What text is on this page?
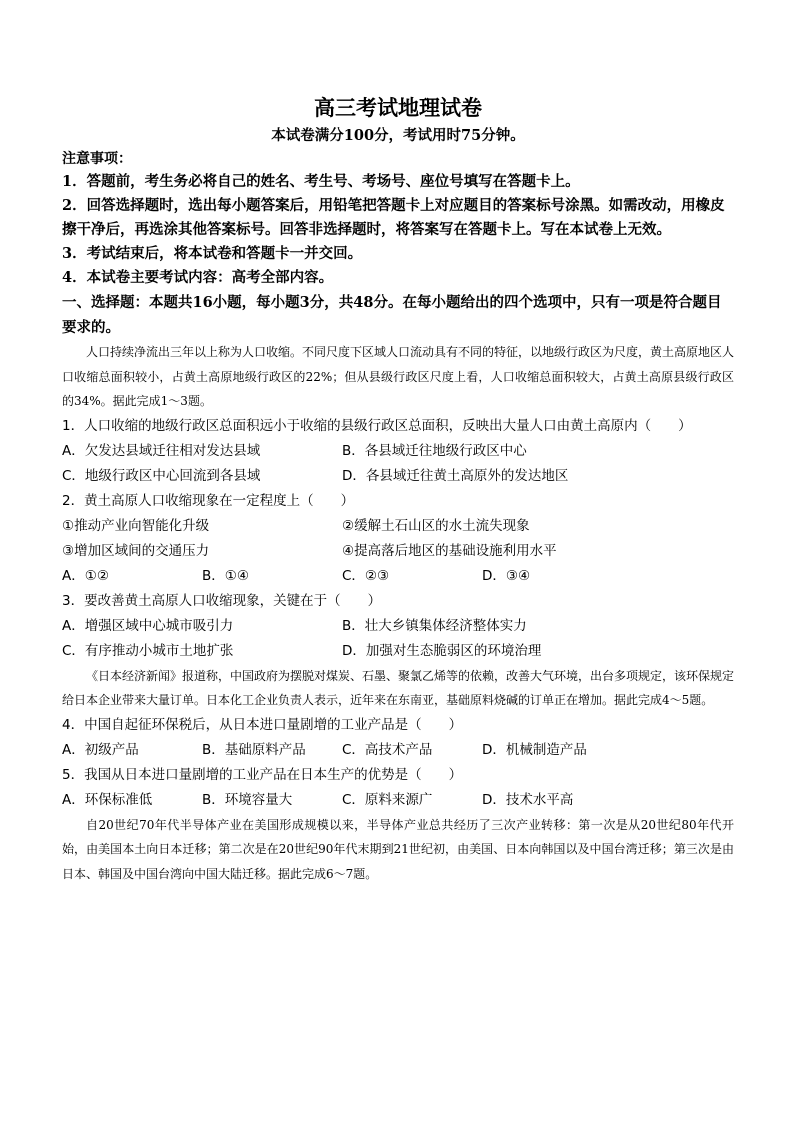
高三考试地理试卷

本试卷满分100分，考试用时75分钟。

注意事项：

1．答题前，考生务必将自己的姓名、考生号、考场号、座位号填写在答题卡上。

2．回答选择题时，选出每小题答案后，用铅笔把答题卡上对应题目的答案标号涂黑。如需改动，用橡皮擦干净后，再选涂其他答案标号。回答非选择题时，将答案写在答题卡上。写在本试卷上无效。

3．考试结束后，将本试卷和答题卡一并交回。

4．本试卷主要考试内容：高考全部内容。

一、选择题：本题共16小题，每小题3分，共48分。在每小题给出的四个选项中，只有一项是符合题目要求的。

人口持续净流出三年以上称为人口收缩。不同尺度下区域人口流动具有不同的特征，以地级行政区为尺度，黄土高原地区人口收缩总面积较小，占黄土高原地级行政区的22%；但从县级行政区尺度上看，人口收缩总面积较大，占黄土高原县级行政区的34%。据此完成1～3题。

1．人口收缩的地级行政区总面积远小于收缩的县级行政区总面积，反映出大量人口由黄土高原内（　　）

A．欠发达县域迁往相对发达县域	B．各县域迁往地级行政区中心
C．地级行政区中心回流到各县域	D．各县域迁往黄土高原外的发达地区

2．黄土高原人口收缩现象在一定程度上（　　）

①推动产业向智能化升级	②缓解土石山区的水土流失现象
③增加区域间的交通压力	④提高落后地区的基础设施利用水平
A．①②	B．①④	C．②③	D．③④

3．要改善黄土高原人口收缩现象，关键在于（　　）

A．增强区域中心城市吸引力	B．壮大乡镇集体经济整体实力
C．有序推动小城市土地扩张	D．加强对生态脆弱区的环境治理

《日本经济新闻》报道称，中国政府为摆脱对煤炭、石墨、聚氯乙烯等的依赖，改善大气环境，出台多项规定，该环保规定给日本企业带来大量订单。日本化工企业负责人表示，近年来在东南亚，基础原料烧碱的订单正在增加。据此完成4～5题。

4．中国自起征环保税后，从日本进口量剧增的工业产品是（　　）

A．初级产品	B．基础原料产品	C．高技术产品	D．机械制造产品

5．我国从日本进口量剧增的工业产品在日本生产的优势是（　　）

A．环保标准低	B．环境容量大	C．原料来源广	D．技术水平高

自20世纪70年代半导体产业在美国形成规模以来，半导体产业总共经历了三次产业转移：第一次是从20世纪80年代开始，由美国本土向日本迁移；第二次是在20世纪90年代末期到21世纪初，由美国、日本向韩国以及中国台湾迁移；第三次是由日本、韩国及中国台湾向中国大陆迁移。据此完成6～7题。
